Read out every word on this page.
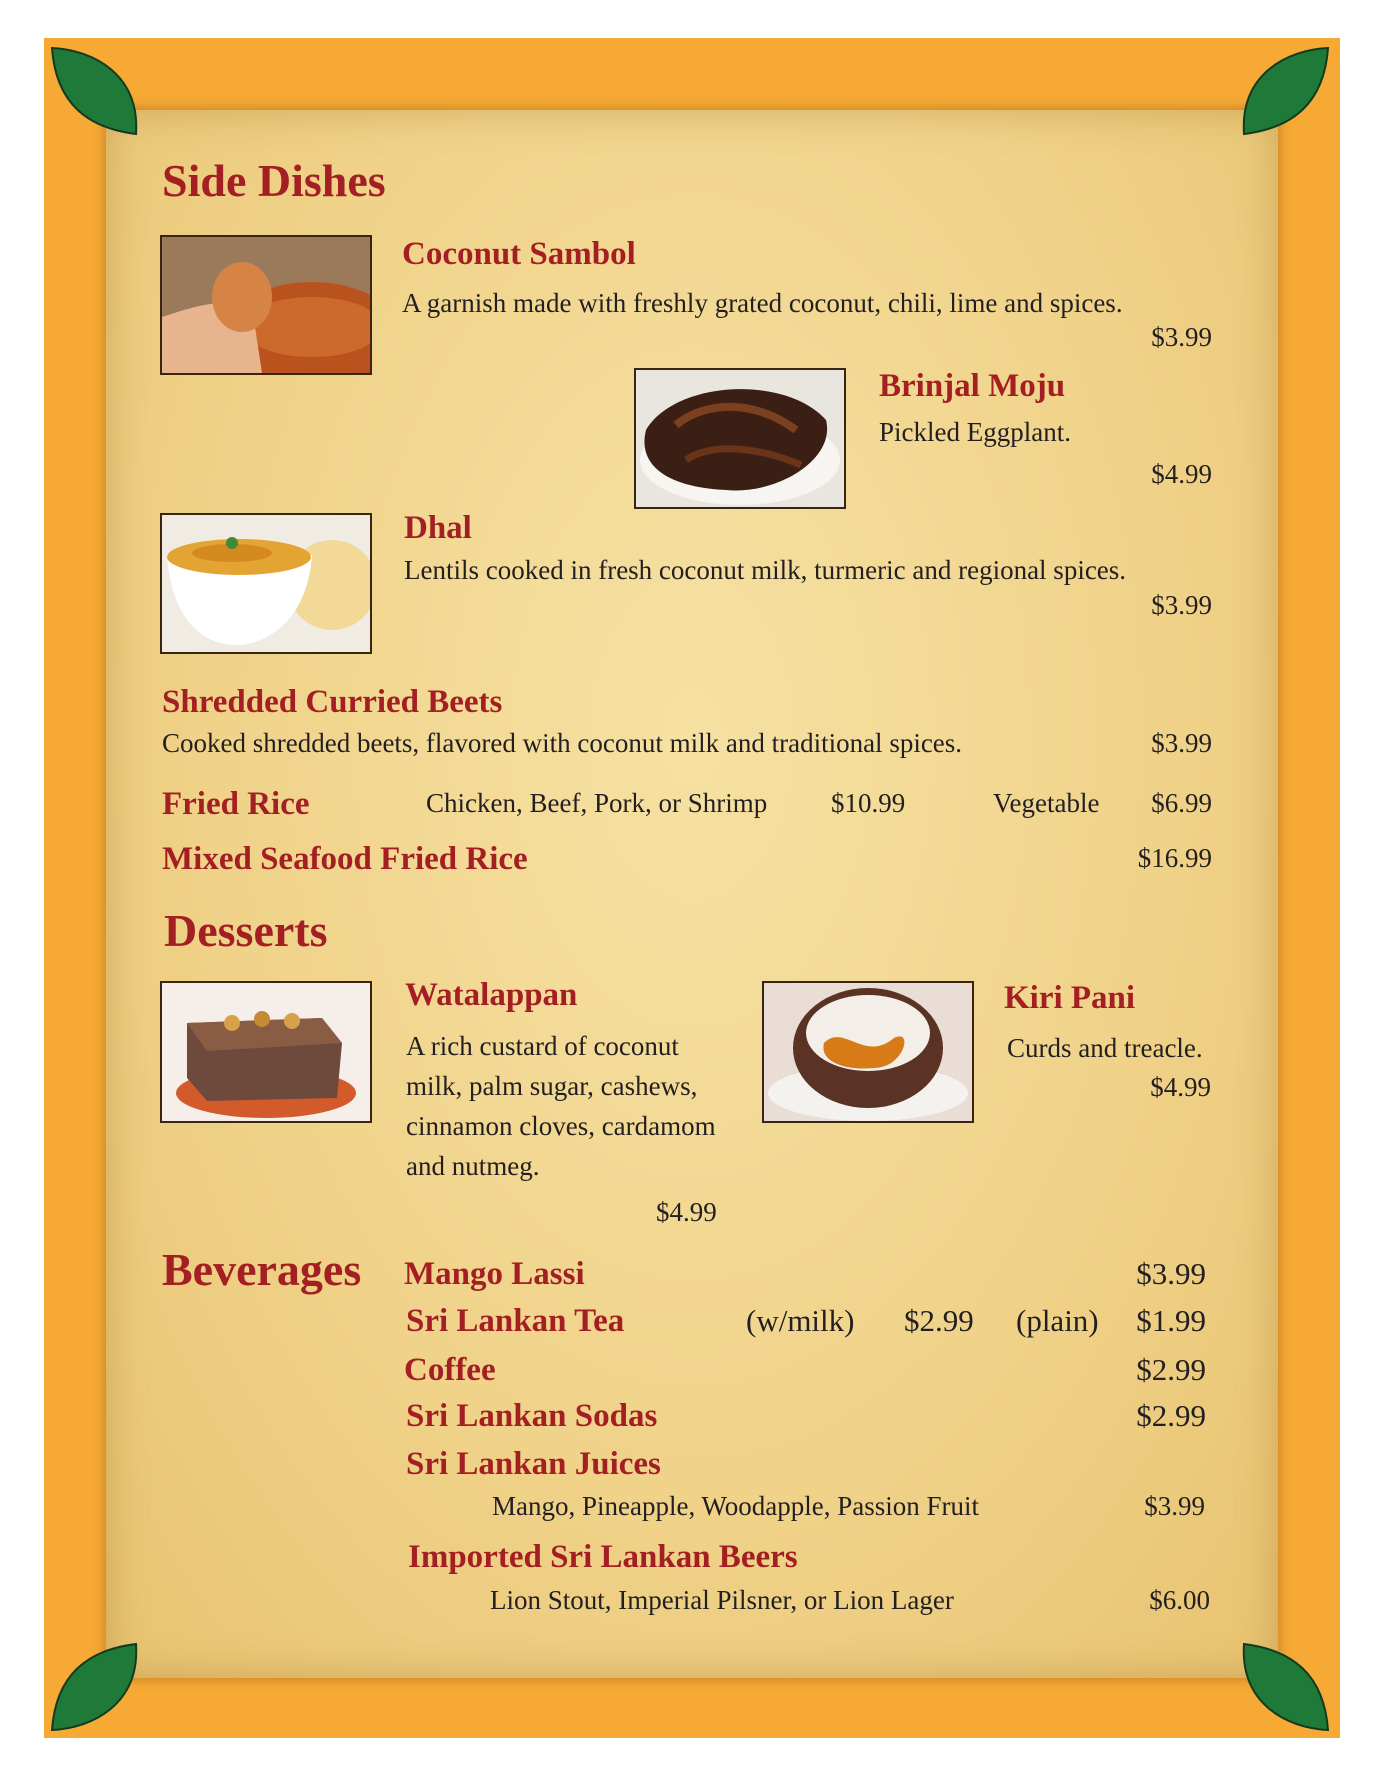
Side Dishes
Coconut Sambol

A garnish made with freshly grated coconut, chili, lime and spices.

$3.99

Brinjal Moju

Pickled Eggplant.

$4.99

Dhal

Lentils cooked in fresh coconut milk, turmeric and regional spices.

$3.99

Shredded Curried Beets

Cooked shredded beets, flavored with coconut milk and traditional spices.	$3.99

Fried Rice	Chicken, Beef, Pork, or Shrimp $10.99	Vegetable $6.99

Mixed Seafood Fried Rice	$16.99

Desserts
Watalappan

A rich custard of coconut milk, palm sugar, cashews, cinnamon cloves, cardamom and nutmeg.

$4.99

Kiri Pani

Curds and treacle.

$4.99

Beverages Mango Lassi	$3.99

Sri Lankan Tea	(w/milk) $2.99 (plain) $1.99

Coffee	$2.99

Sri Lankan Sodas	$2.99

Sri Lankan Juices

Mango, Pineapple, Woodapple, Passion Fruit	$3.99

Imported Sri Lankan Beers

Lion Stout, Imperial Pilsner, or Lion Lager	$6.00
